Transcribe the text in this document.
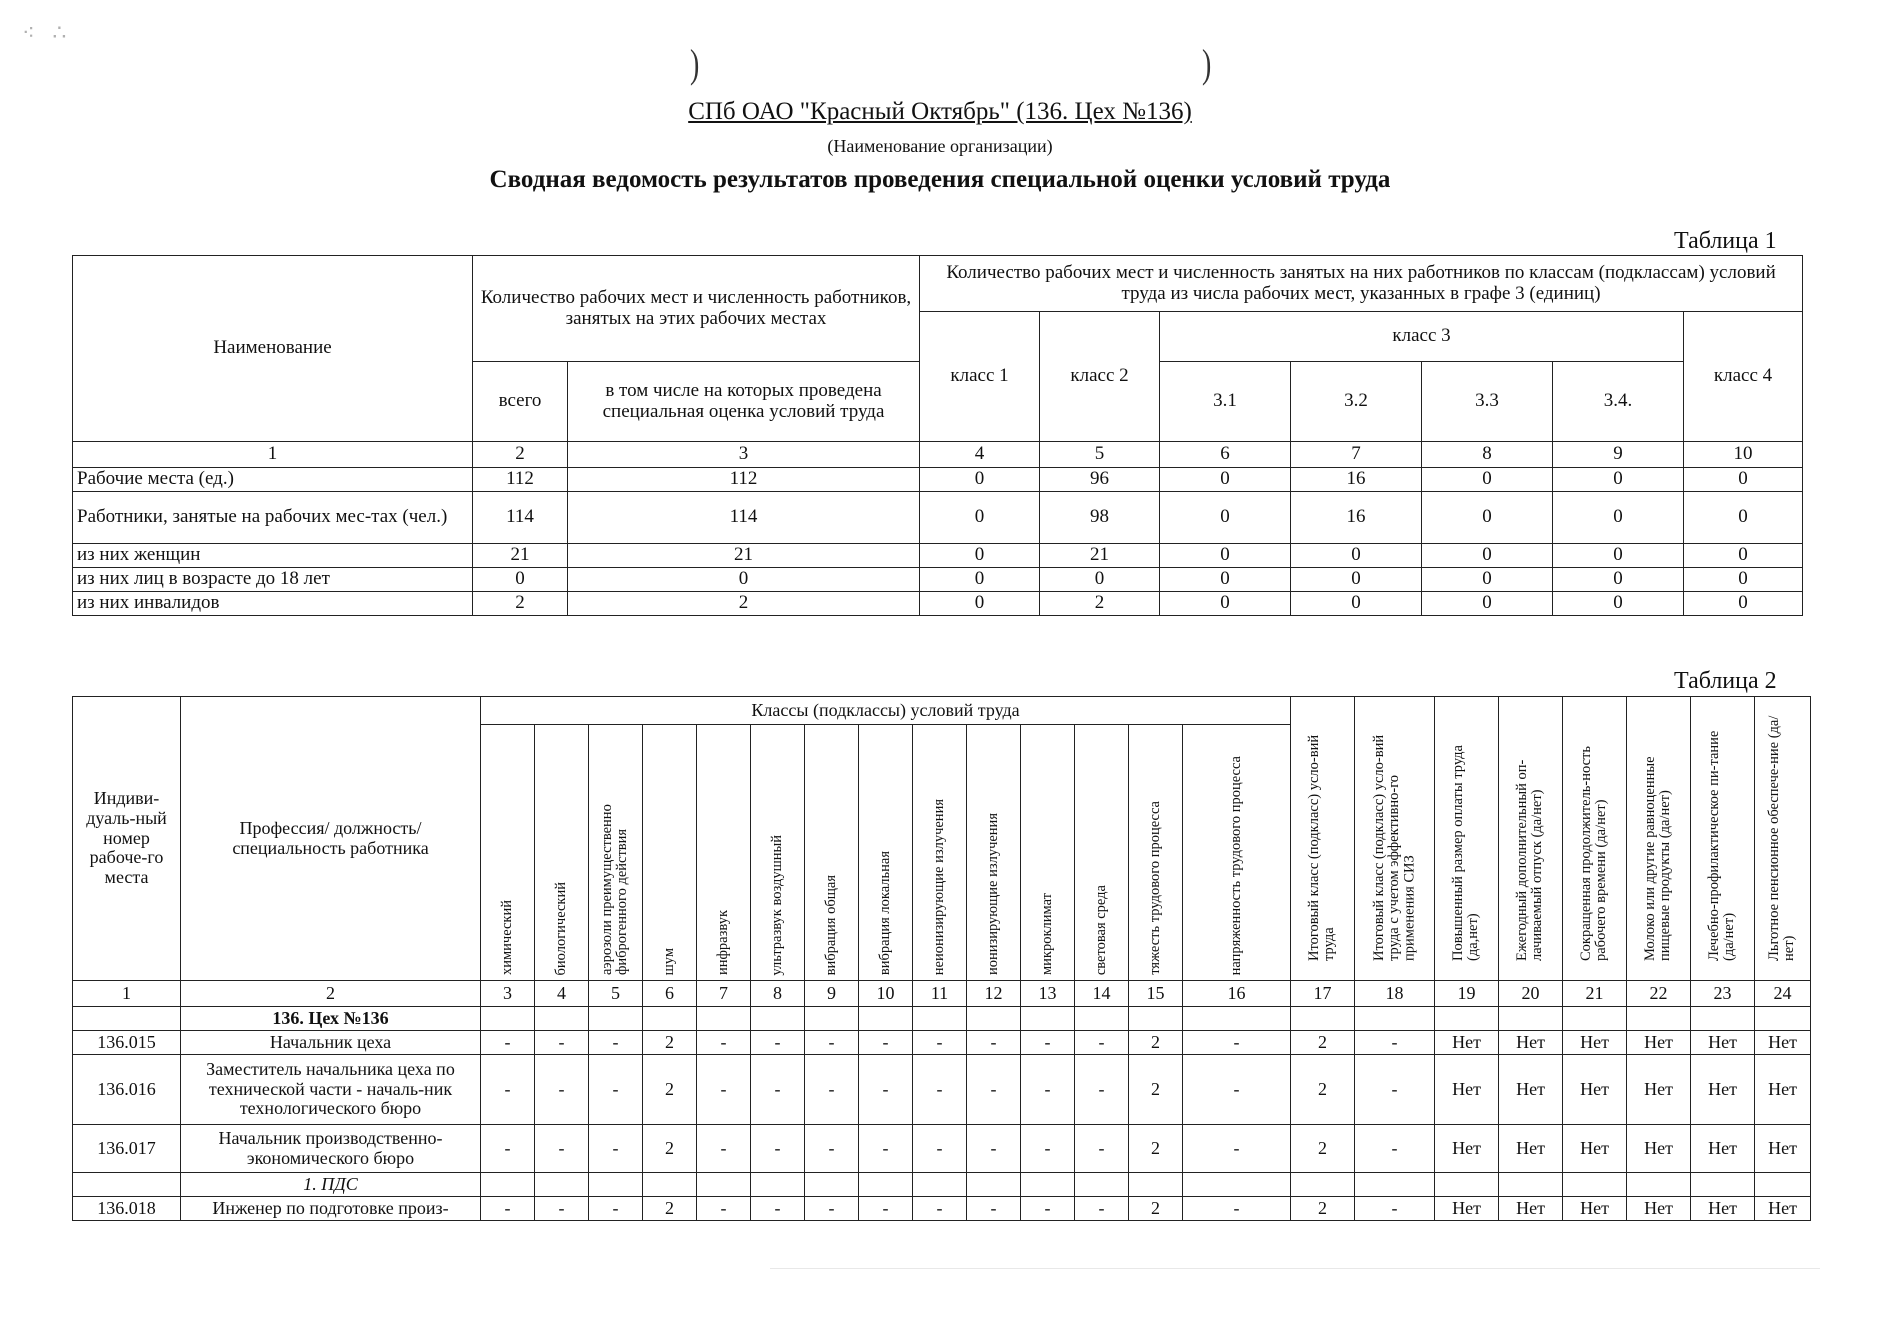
⁖ ∴
)	)
СПб ОАО "Красный Октябрь" (136. Цех №136)
(Наименование организации)
Сводная ведомость результатов проведения специальной оценки условий труда
Таблица 1
Наименование	Количество рабочих мест и численность работников, занятых на этих рабочих местах		Количество рабочих мест и численность занятых на них работников по классам (подклассам) условий труда из числа рабочих мест, указанных в графе 3 (единиц)						
			класс 1	класс 2	класс 3				класс 4
	всего	в том числе на которых проведена специальная оценка условий труда			3.1	3.2	3.3	3.4.	
1	2	3	4	5	6	7	8	9	10
Рабочие места (ед.)	112	112	0	96	0	16	0	0	0
Работники, занятые на рабочих мес-тах (чел.)	114	114	0	98	0	16	0	0	0
из них женщин	21	21	0	21	0	0	0	0	0
из них лиц в возрасте до 18 лет	0	0	0	0	0	0	0	0	0
из них инвалидов	2	2	0	2	0	0	0	0	0
Таблица 2
Индиви-дуаль-ный номер рабоче-го места	Профессия/ должность/ специальность работника	Классы (подклассы) условий труда														Итоговый класс (подкласс) усло-вий труда	Итоговый класс (подкласс) усло-вий труда с учетом эффективно-го применения СИЗ	Повышенный размер оплаты труда (да,нет)	Ежегодный дополнительный оп-лачиваемый отпуск (да/нет)	Сокращенная продолжитель-ность рабочего времени (да/нет)	Молоко или другие равноценные пищевые продукты (да/нет)	Лечебно-профилактическое пи-тание (да/нет)	Льготное пенсионное обеспече-ние (да/нет)
		химический	биологический	аэрозоли преимущественно фиброгенного действия	шум	инфразвук	ультразвук воздушный	вибрация общая	вибрация локальная	неионизирующие излучения	ионизирующие излучения	микроклимат	световая среда	тяжесть трудового процесса	напряженность трудового процесса								
1	2	3	4	5	6	7	8	9	10	11	12	13	14	15	16	17	18	19	20	21	22	23	24
	136. Цех №136																						
136.015	Начальник цеха	-	-	-	2	-	-	-	-	-	-	-	-	2	-	2	-	Нет	Нет	Нет	Нет	Нет	Нет
136.016	Заместитель начальника цеха по технической части - началь-ник технологического бюро	-	-	-	2	-	-	-	-	-	-	-	-	2	-	2	-	Нет	Нет	Нет	Нет	Нет	Нет
136.017	Начальник производственно-экономического бюро	-	-	-	2	-	-	-	-	-	-	-	-	2	-	2	-	Нет	Нет	Нет	Нет	Нет	Нет
	1. ПДС																						
136.018	Инженер по подготовке произ-	-	-	-	2	-	-	-	-	-	-	-	-	2	-	2	-	Нет	Нет	Нет	Нет	Нет	Нет
